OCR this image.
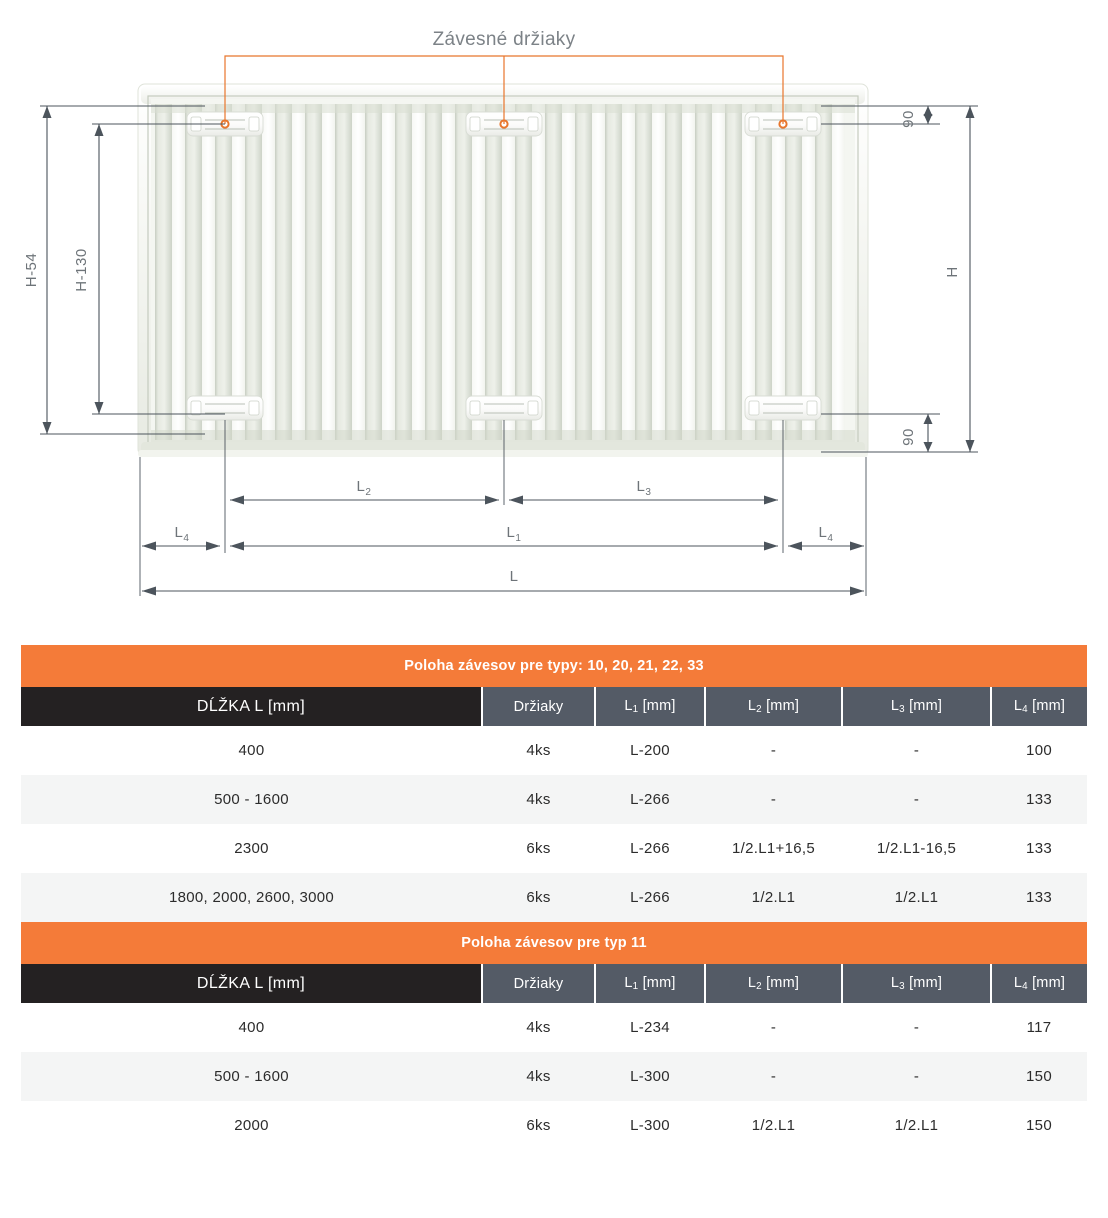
Závesné držiaky
H-54 H-130
90
90
H
$L_2$	$L_3$
$L_4$	$L_1$	$L_4$
L
Poloha závesov pre typy: 10, 20, 21, 22, 33					
DĹŽKA L [mm]	Držiaky	$L_1$ [mm]	$L_2$ [mm]	$L_3$ [mm]	$L_4$ [mm]
400	4ks	L-200	-	-	100
500 - 1600	4ks	L-266	-	-	133
2300	6ks	L-266	1/2.L1+16,5	1/2.L1-16,5	133
1800, 2000, 2600, 3000	6ks	L-266	1/2.L1	1/2.L1	133
Poloha závesov pre typ 11					
DĹŽKA L [mm]	Držiaky	$L_1$ [mm]	$L_2$ [mm]	$L_3$ [mm]	$L_4$ [mm]
400	4ks	L-234	-	-	117
500 - 1600	4ks	L-300	-	-	150
2000	6ks	L-300	1/2.L1	1/2.L1	150
